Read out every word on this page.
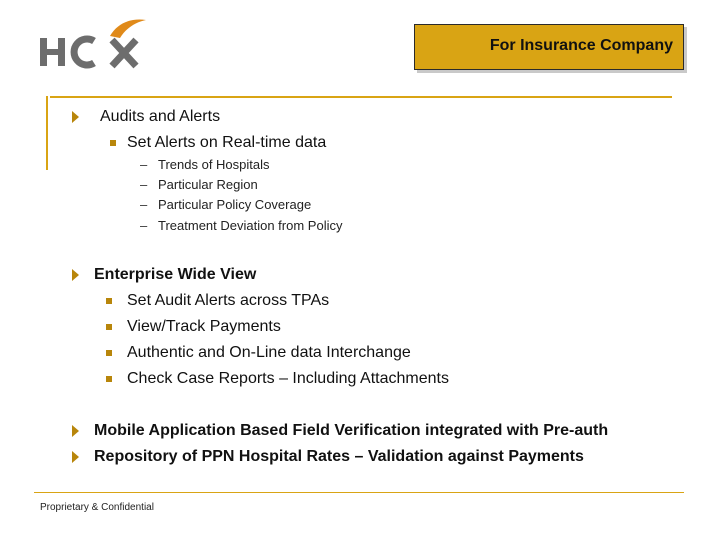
For Insurance Company
Audits and Alerts
Set Alerts on Real-time data
– Trends of Hospitals
– Particular Region
– Particular Policy Coverage
– Treatment Deviation from Policy
Enterprise Wide View
Set Audit Alerts across TPAs
View/Track Payments
Authentic and On-Line data Interchange
Check Case Reports – Including Attachments
Mobile Application Based Field Verification integrated with Pre-auth
Repository of PPN Hospital Rates – Validation against Payments
Proprietary & Confidential
